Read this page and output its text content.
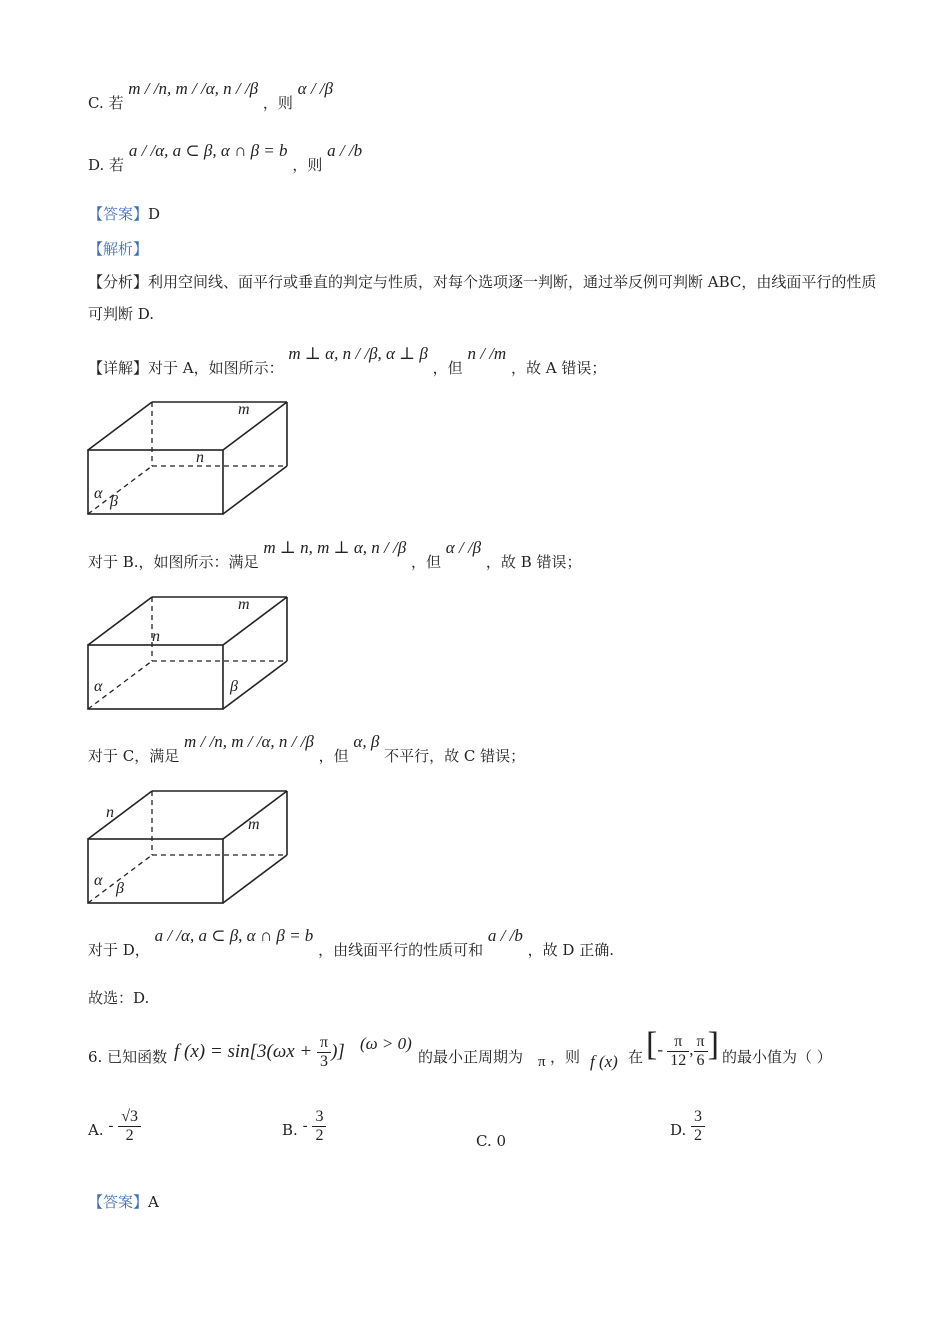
C. 若 m / /n, m / /α, n / /β ，则 α / /β
D. 若 a / /α, a ⊂ β, α ∩ β = b ，则 a / /b
【答案】D
【解析】
【分析】利用空间线、面平行或垂直的判定与性质，对每个选项逐一判断，通过举反例可判断 ABC，由线面平行的性质可判断 D.
【详解】对于 A，如图所示： m ⊥ α, n / /β, α ⊥ β ，但 n / /m ，故 A 错误；
m
n
α β
对于 B.，如图所示：满足 m ⊥ n, m ⊥ α, n / /β ，但 α / /β ，故 B 错误；
m
n
α	β
对于 C，满足 m / /n, m / /α, n / /β ，但 α, β 不平行，故 C 错误；
n
m
α β
对于 D， a / /α, a ⊂ β, α ∩ β = b ，由线面平行的性质可和 a / /b ，故 D 正确.
故选：D.
6. 已知函数 f $(x) = \sin[3(\omega x + \frac{\pi}{3}$ )] (ω > 0)
的最小正周期为 π ，则 f (x) 在 [- $\frac{\pi}{12}$ , $\frac{\pi}{6}$ ] 的最小值为（ ）
A. - $\frac{√3}{2}$	B. - $\frac{3}{2}$	C. 0
D. $\frac{3}{2}$
【答案】A
